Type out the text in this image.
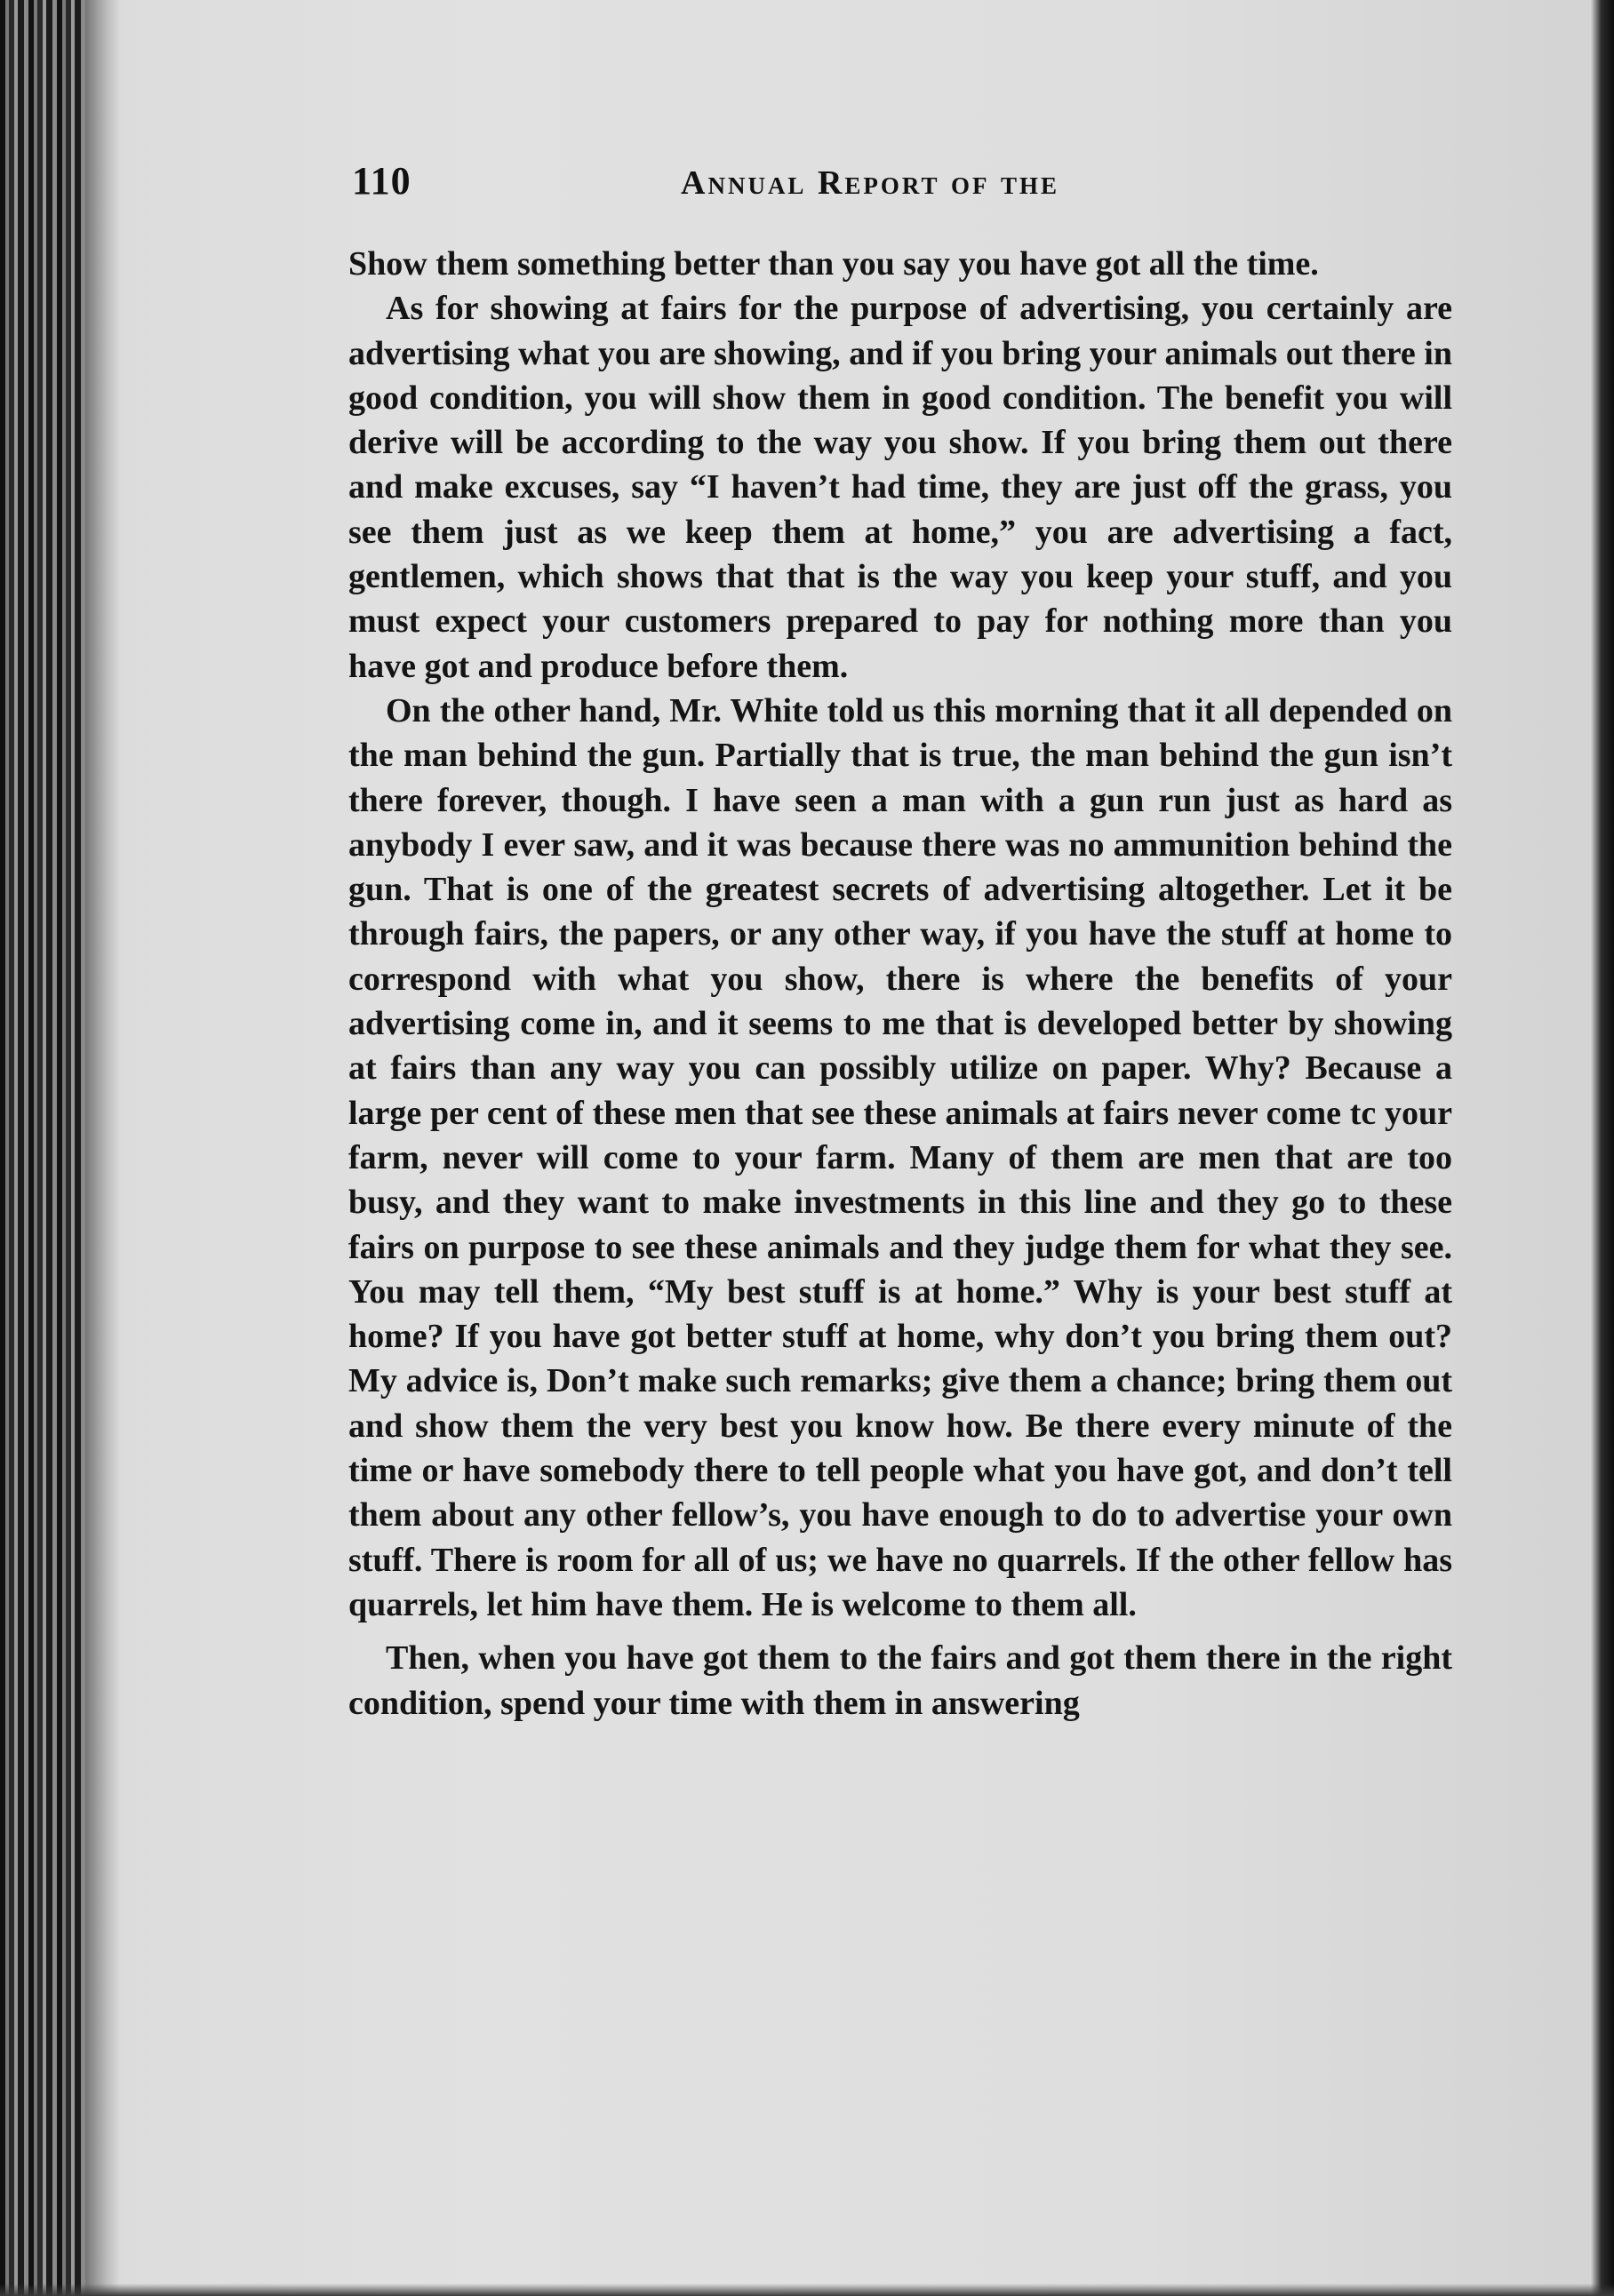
110	Annual Report of the

Show them something better than you say you have got all the time.

As for showing at fairs for the purpose of advertising, you certainly are advertising what you are showing, and if you bring your animals out there in good condition, you will show them in good condition. The benefit you will derive will be according to the way you show. If you bring them out there and make excuses, say “I haven’t had time, they are just off the grass, you see them just as we keep them at home,” you are advertising a fact, gentlemen, which shows that that is the way you keep your stuff, and you must expect your customers prepared to pay for nothing more than you have got and produce before them.

On the other hand, Mr. White told us this morning that it all depended on the man behind the gun. Partially that is true, the man behind the gun isn’t there forever, though. I have seen a man with a gun run just as hard as anybody I ever saw, and it was because there was no ammunition behind the gun. That is one of the greatest secrets of advertising altogether. Let it be through fairs, the papers, or any other way, if you have the stuff at home to correspond with what you show, there is where the benefits of your advertising come in, and it seems to me that is developed better by showing at fairs than any way you can possibly utilize on paper. Why? Because a large per cent of these men that see these animals at fairs never come tc your farm, never will come to your farm. Many of them are men that are too busy, and they want to make investments in this line and they go to these fairs on purpose to see these animals and they judge them for what they see. You may tell them, “My best stuff is at home.” Why is your best stuff at home? If you have got better stuff at home, why don’t you bring them out? My advice is, Don’t make such remarks; give them a chance; bring them out and show them the very best you know how. Be there every minute of the time or have somebody there to tell people what you have got, and don’t tell them about any other fellow’s, you have enough to do to advertise your own stuff. There is room for all of us; we have no quarrels. If the other fellow has quarrels, let him have them. He is welcome to them all.

Then, when you have got them to the fairs and got them there in the right condition, spend your time with them in answering
